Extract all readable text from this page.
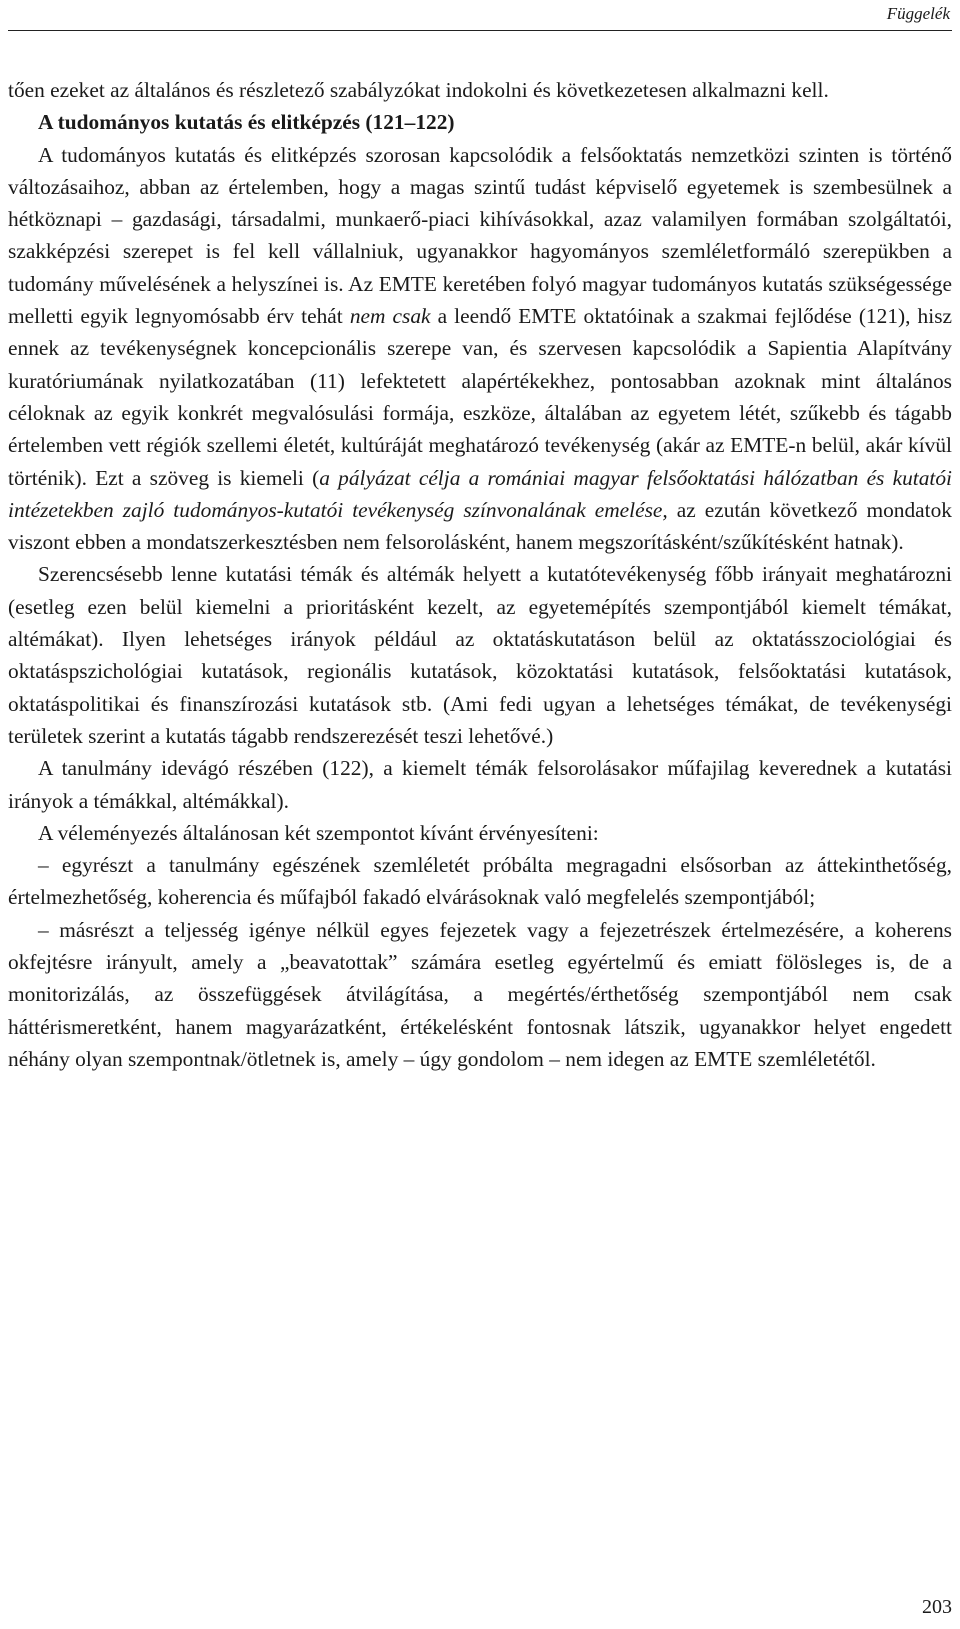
Függelék

tően ezeket az általános és részletező szabályzókat indokolni és következetesen alkalmazni kell.

A tudományos kutatás és elitképzés (121–122)

A tudományos kutatás és elitképzés szorosan kapcsolódik a felsőoktatás nemzetközi szinten is történő változásaihoz, abban az értelemben, hogy a magas szintű tudást képviselő egyetemek is szembesülnek a hétköznapi – gazdasági, társadalmi, munkaerő-piaci kihívásokkal, azaz valamilyen formában szolgáltatói, szakképzési szerepet is fel kell vállalniuk, ugyanakkor hagyományos szemléletformáló szerepükben a tudomány művelésének a helyszínei is. Az EMTE keretében folyó magyar tudományos kutatás szükségessége melletti egyik legnyomósabb érv tehát nem csak a leendő EMTE oktatóinak a szakmai fejlődése (121), hisz ennek az tevékenységnek koncepcionális szerepe van, és szervesen kapcsolódik a Sapientia Alapítvány kuratóriumának nyilatkozatában (11) lefektetett alapértékekhez, pontosabban azoknak mint általános céloknak az egyik konkrét megvalósulási formája, eszköze, általában az egyetem létét, szűkebb és tágabb értelemben vett régiók szellemi életét, kultúráját meghatározó tevékenység (akár az EMTE-n belül, akár kívül történik). Ezt a szöveg is kiemeli (a pályázat célja a romániai magyar felsőoktatási hálózatban és kutatói intézetekben zajló tudományos-kutatói tevékenység színvonalának emelése, az ezután következő mondatok viszont ebben a mondatszerkesztésben nem felsorolásként, hanem megszorításként/szűkítésként hatnak).

Szerencsésebb lenne kutatási témák és altémák helyett a kutatótevékenység főbb irányait meghatározni (esetleg ezen belül kiemelni a prioritásként kezelt, az egyetemépítés szempontjából kiemelt témákat, altémákat). Ilyen lehetséges irányok például az oktatáskutatáson belül az oktatásszociológiai és oktatáspszichológiai kutatások, regionális kutatások, közoktatási kutatások, felsőoktatási kutatások, oktatáspolitikai és finanszírozási kutatások stb. (Ami fedi ugyan a lehetséges témákat, de tevékenységi területek szerint a kutatás tágabb rendszerezését teszi lehetővé.)

A tanulmány idevágó részében (122), a kiemelt témák felsorolásakor műfajilag keverednek a kutatási irányok a témákkal, altémákkal).

A véleményezés általánosan két szempontot kívánt érvényesíteni:

– egyrészt a tanulmány egészének szemléletét próbálta megragadni elsősorban az áttekinthetőség, értelmezhetőség, koherencia és műfajból fakadó elvárásoknak való megfelelés szempontjából;

– másrészt a teljesség igénye nélkül egyes fejezetek vagy a fejezetrészek értelmezésére, a koherens okfejtésre irányult, amely a „beavatottak” számára esetleg egyértelmű és emiatt fölösleges is, de a monitorizálás, az összefüggések átvilágítása, a megértés/érthetőség szempontjából nem csak háttérismeretként, hanem magyarázatként, értékelésként fontosnak látszik, ugyanakkor helyet engedett néhány olyan szempontnak/ötletnek is, amely – úgy gondolom – nem idegen az EMTE szemléletétől.

203
